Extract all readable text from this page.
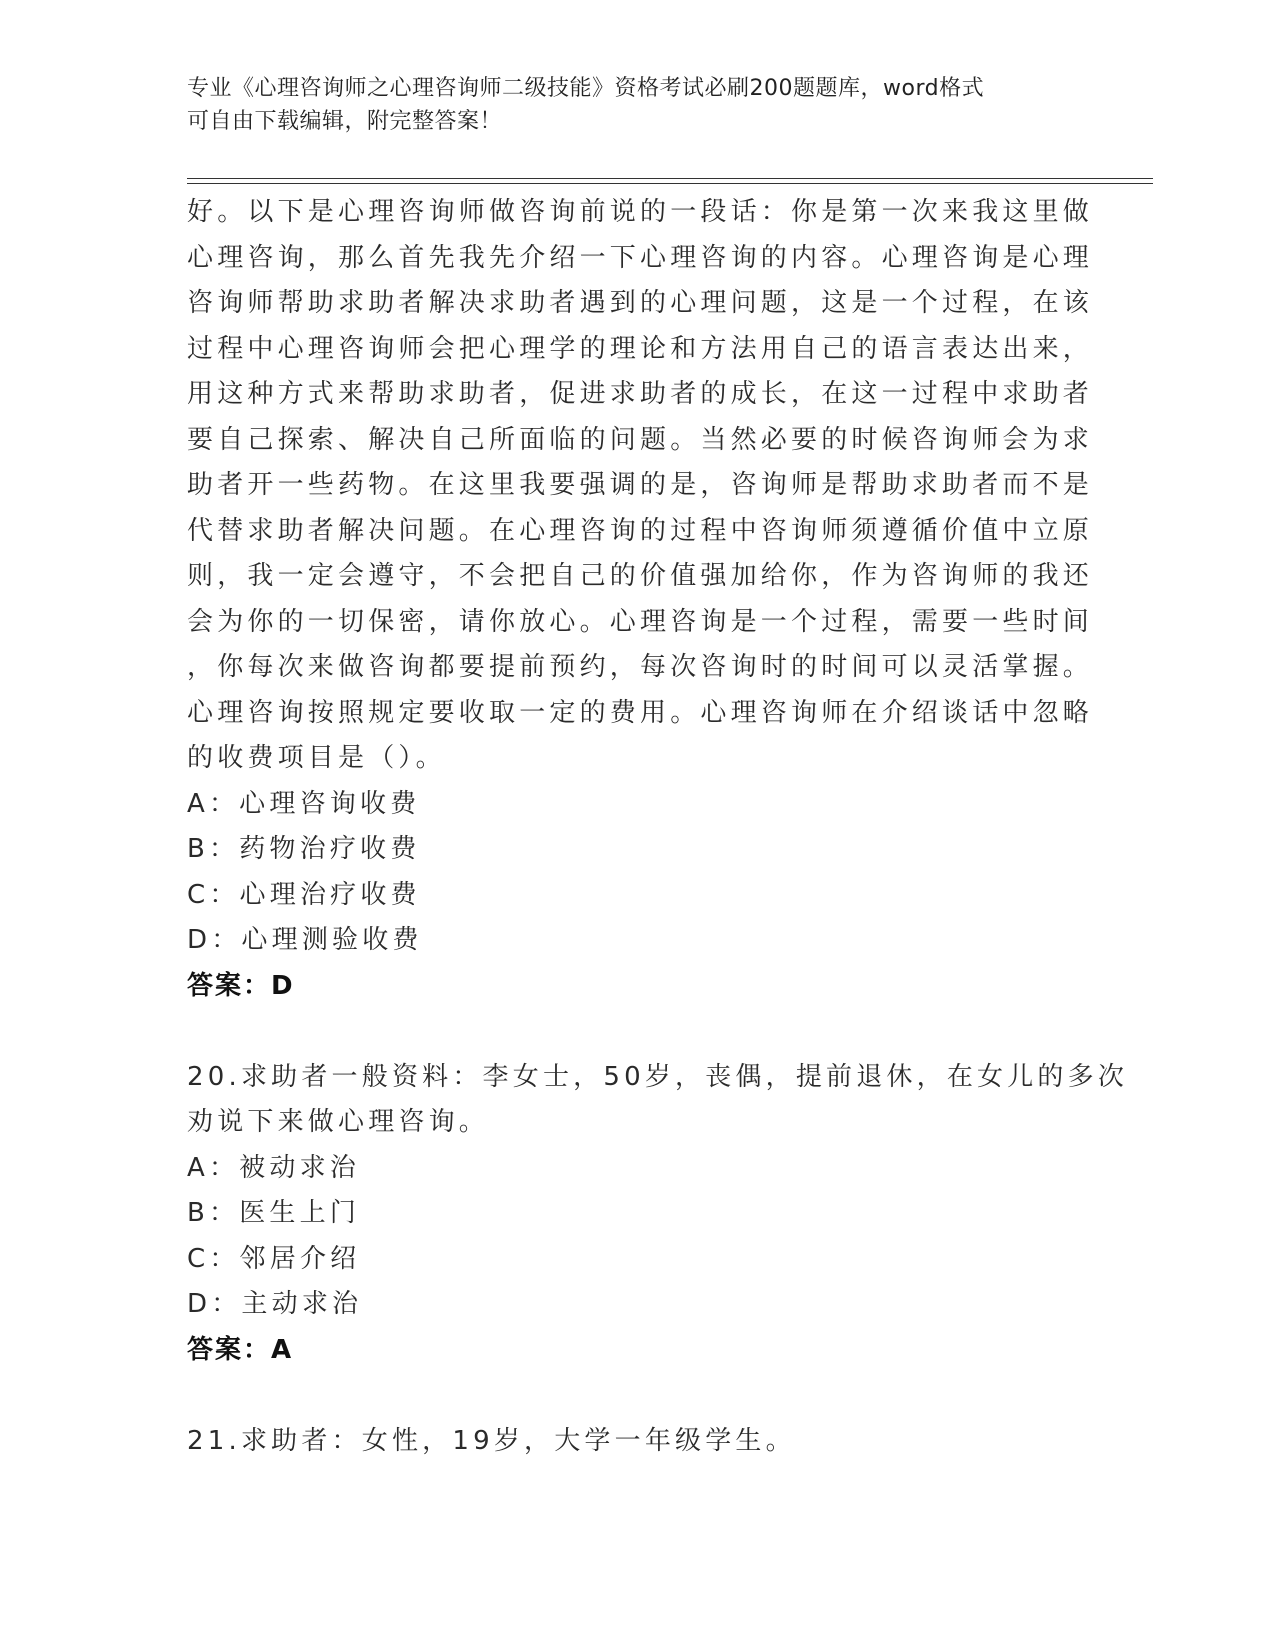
专业《心理咨询师之心理咨询师二级技能》资格考试必刷200题题库，word格式
可自由下载编辑，附完整答案！
好。以下是心理咨询师做咨询前说的一段话：你是第一次来我这里做
心理咨询，那么首先我先介绍一下心理咨询的内容。心理咨询是心理
咨询师帮助求助者解决求助者遇到的心理问题，这是一个过程，在该
过程中心理咨询师会把心理学的理论和方法用自己的语言表达出来，
用这种方式来帮助求助者，促进求助者的成长，在这一过程中求助者
要自己探索、解决自己所面临的问题。当然必要的时候咨询师会为求
助者开一些药物。在这里我要强调的是，咨询师是帮助求助者而不是
代替求助者解决问题。在心理咨询的过程中咨询师须遵循价值中立原
则，我一定会遵守，不会把自己的价值强加给你，作为咨询师的我还
会为你的一切保密，请你放心。心理咨询是一个过程，需要一些时间
，你每次来做咨询都要提前预约，每次咨询时的时间可以灵活掌握。
心理咨询按照规定要收取一定的费用。心理咨询师在介绍谈话中忽略
的收费项目是（）。
A：心理咨询收费
B：药物治疗收费
C：心理治疗收费
D：心理测验收费
答案：D
20.求助者一般资料：李女士，50岁，丧偶，提前退休，在女儿的多次
劝说下来做心理咨询。
A：被动求治
B：医生上门
C：邻居介绍
D：主动求治
答案：A
21.求助者：女性，19岁，大学一年级学生。
